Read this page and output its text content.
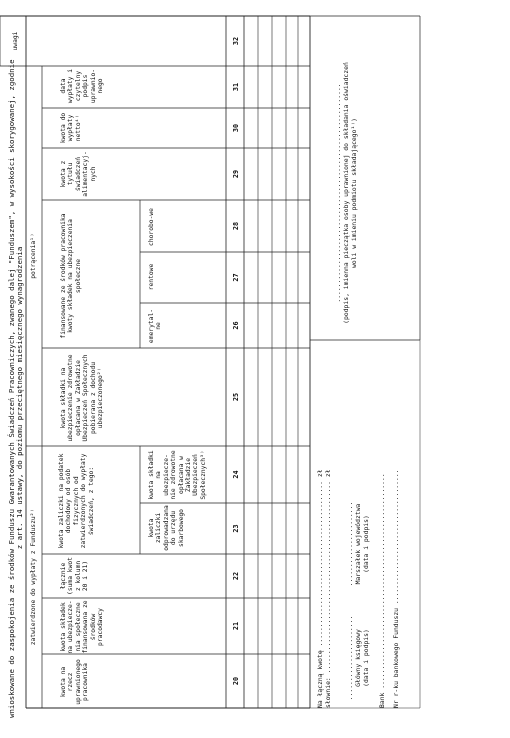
wnioskowane do zaspokojenia ze środków Funduszu Gwarantowanych Świadczeń Pracowniczych, zwanego dalej "Funduszem", w wysokości skorygowanej, zgodnie z art. 14 ustawy, do poziomu przeciętnego miesięcznego wynagrodzenia
zatwierdzone do wypłaty z Funduszu²⁾
potrącenia¹⁾
uwagi
kwota na rzecz uprawnionego pracownika
kwota składek na ubezpiecze-nia społeczne finansowana ze środków pracodawcy
łącznie (suma kwot z kolumn 20 i 21)
kwota zaliczki na podatek dochodowy od osób fizycznych od zatwierdzonych do wypłaty świadczeń, z tego:	kwota zaliczki odprowadzana do urzędu skarbowego
kwota składki na ubezpiecze-nie zdrowotne opłacana w Zakładzie Ubezpieczeń Społecznych³⁾
kwota składki na ubezpieczenie zdrowotne opłacana w Zakładzie Ubezpieczeń Społecznych pobierana z dochodu ubezpieczonego²⁾
finansowane ze środków pracownika kwoty składek na ubezpieczenia społeczne
emerytal-ne
rentowe
chorobo-we
kwota z tytułu świadczeń alimentacyj-nych
kwota do wypłaty netto⁴⁾
data wypłaty i czytelny podpis uprawnio-nego
20
21
22
23
24
25
26
27
28
29
30
31
32
Na łączną kwotę ........................................... zł słownie: .................................................. zł ...................... Główny księgowy (data i podpis)
...................... Marszałek województwa (data i podpis) Bank ........................................................ Nr r-ku bankowego Funduszu ...................................
......................................................... (podpis, imienna pieczątka osoby uprawnionej do składania oświadczeń woli w imieniu podmiotu składającego¹⁾)
